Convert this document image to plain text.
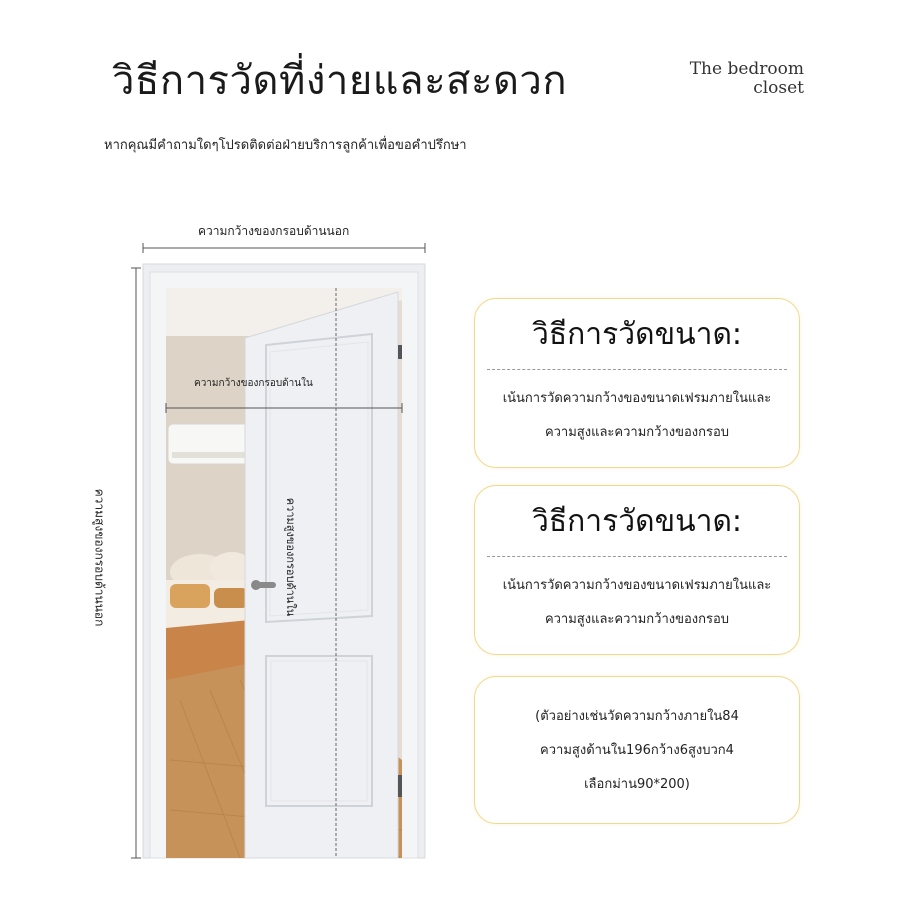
วิธีการวัดที่ง่ายและสะดวก	The bedroom
closet
หากคุณมีคำถามใดๆโปรดติดต่อฝ่ายบริการลูกค้าเพื่อขอคำปรึกษา
ความกว้างของกรอบด้านนอก
ความกว้างของกรอบด้านใน
ความสูงของกรอบด้านนอก	ความสูงของกรอบด้านใน
วิธีการวัดขนาด:
เน้นการวัดความกว้างของขนาดเฟรมภายในและ
ความสูงและความกว้างของกรอบ
วิธีการวัดขนาด:
เน้นการวัดความกว้างของขนาดเฟรมภายในและ
ความสูงและความกว้างของกรอบ
(ตัวอย่างเช่นวัดความกว้างภายใน84
ความสูงด้านใน196กว้าง6สูงบวก4
เลือกม่าน90*200)
